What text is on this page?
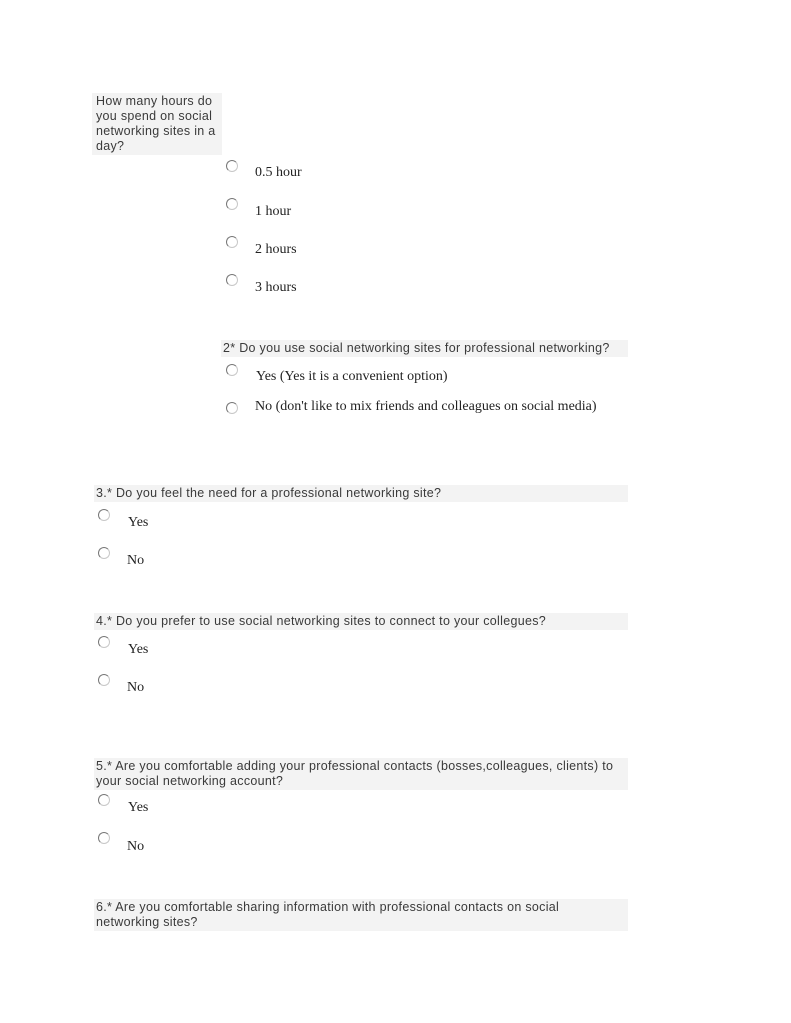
How many hours do you spend on social networking sites in a day?
0.5 hour
1 hour
2 hours
3 hours
2* Do you use social networking sites for professional networking?
Yes (Yes it is a convenient option)
No (don't like to mix friends and colleagues on social media)
3.* Do you feel the need for a professional networking site?
Yes
No
4.* Do you prefer to use social networking sites to connect to your collegues?
Yes
No
5.* Are you comfortable adding your professional contacts (bosses,colleagues, clients) to your social networking account?
Yes
No
6.* Are you comfortable sharing information with professional contacts on social networking sites?
